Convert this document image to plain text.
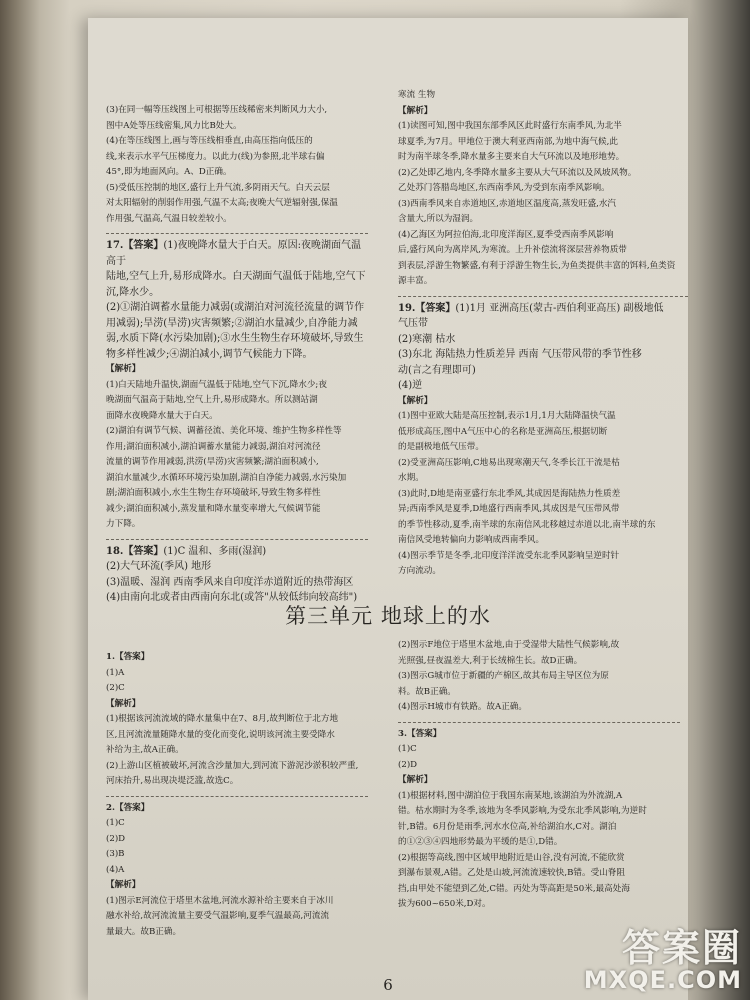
(3)在同一幅等压线图上可根据等压线稀密来判断风力大小,

图中A处等压线密集,风力比B处大。

(4)在等压线图上,画与等压线相垂直,由高压指向低压的

线,来表示水平气压梯度力。以此力(线)为参照,北半球右偏

45°,即为地面风向。A、D正确。

(5)受低压控制的地区,盛行上升气流,多阴雨天气。白天云层

对太阳辐射的削弱作用强,气温不太高;夜晚大气逆辐射强,保温

作用强,气温高,气温日较差较小。

17.【答案】(1)夜晚降水量大于白天。原因:夜晚湖面气温高于

陆地,空气上升,易形成降水。白天湖面气温低于陆地,空气下

沉,降水少。

(2)①湖泊调蓄水量能力减弱(或湖泊对河流径流量的调节作

用减弱);旱涝(旱涝)灾害频繁;②湖泊水量减少,自净能力减

弱,水质下降(水污染加剧);③水生生物生存环境破坏,导致生

物多样性减少;④湖泊减小,调节气候能力下降。

【解析】

(1)白天陆地升温快,湖面气温低于陆地,空气下沉,降水少;夜

晚湖面气温高于陆地,空气上升,易形成降水。所以测站湖

面降水夜晚降水量大于白天。

(2)湖泊有调节气候、调蓄径流、美化环境、维护生物多样性等

作用;湖泊面积减小,湖泊调蓄水量能力减弱,湖泊对河流径

流量的调节作用减弱,洪涝(旱涝)灾害频繁;湖泊面积减小,

湖泊水量减少,水循环环境污染加剧,湖泊自净能力减弱,水污染加

剧;湖泊面积减小,水生生物生存环境破坏,导致生物多样性

减少;湖泊面积减小,蒸发量和降水量变率增大,气候调节能

力下降。

18.【答案】(1)C 温和、多雨(湿润)

(2)大气环流(季风) 地形

(3)温暖、湿润 西南季风来自印度洋赤道附近的热带海区

(4)由南向北或者由西南向东北(或答"从较低纬向较高纬")

寒流 生物

【解析】

(1)读图可知,图中我国东部季风区此时盛行东南季风,为北半

球夏季,为7月。甲地位于澳大利亚西南部,为地中海气候,此

时为南半球冬季,降水量多主要来自大气环流以及地形地势。

(2)乙处即乙地内,冬季降水量多主要从大气环流以及风坡风物。

乙处苏门答腊岛地区,东西南季风,为受到东南季风影响。

(3)西南季风来自赤道地区,赤道地区温度高,蒸发旺盛,水汽

含量大,所以为湿润。

(4)乙海区为阿拉伯海,北印度洋海区,夏季受西南季风影响

后,盛行风向为离岸风,为寒流。上升补偿流将深层营养物质带

到表层,浮游生物繁盛,有利于浮游生物生长,为鱼类提供丰富的饵料,鱼类资

源丰富。

19.【答案】(1)1月 亚洲高压(蒙古-西伯利亚高压) 副极地低

气压带

(2)寒潮 枯水

(3)东北 海陆热力性质差异 西南 气压带风带的季节性移

动(言之有理即可)

(4)逆

【解析】

(1)图中亚欧大陆是高压控制,表示1月,1月大陆降温快气温

低形成高压,图中A气压中心的名称是亚洲高压,根据切断

的是副极地低气压带。

(2)受亚洲高压影响,C地易出现寒潮天气,冬季长江干流是枯

水期。

(3)此时,D地是南亚盛行东北季风,其成因是海陆热力性质差

异;西南季风是夏季,D地盛行西南季风,其成因是气压带风带

的季节性移动,夏季,南半球的东南信风北移越过赤道以北,南半球的东

南信风受地转偏向力影响成西南季风。

(4)图示季节是冬季,北印度洋洋流受东北季风影响呈逆时针

方向流动。

第三单元 地球上的水

1.【答案】

(1)A

(2)C

【解析】

(1)根据该河流流域的降水量集中在7、8月,故判断位于北方地

区,且河流流量随降水量的变化而变化,说明该河流主要受降水

补给为主,故A正确。

(2)上游山区植被破坏,河流含沙量加大,到河流下游泥沙淤积较严重,

河床抬升,易出现决堤泛滥,故选C。

2.【答案】

(1)C

(2)D

(3)B

(4)A

【解析】

(1)图示E河流位于塔里木盆地,河流水源补给主要来自于冰川

融水补给,故河流流量主要受气温影响,夏季气温最高,河流流

量最大。故B正确。

(2)图示F地位于塔里木盆地,由于受湿带大陆性气候影响,故

光照强,昼夜温差大,利于长绒棉生长。故D正确。

(3)图示G城市位于新疆的产棉区,故其布局主导区位为原

料。故B正确。

(4)图示H城市有铁路。故A正确。

3.【答案】

(1)C

(2)D

【解析】

(1)根据材料,图中湖泊位于我国东南某地,该湖泊为外流湖,A

错。枯水期时为冬季,该地为冬季风影响,为受东北季风影响,为逆时

针,B错。6月份是雨季,河水水位高,补给湖泊水,C对。湖泊

的①②③④四地形势最为平缓的是①,D错。

(2)根据等高线,图中区域甲地附近是山谷,没有河流,不能欣赏

到瀑布景观,A错。乙处是山坡,河流流速较快,B错。受山脊阻

挡,由甲处不能望到乙处,C错。丙处为等高距是50米,最高处海

拔为600~650米,D对。

6
答案圈
MXQE.COM
